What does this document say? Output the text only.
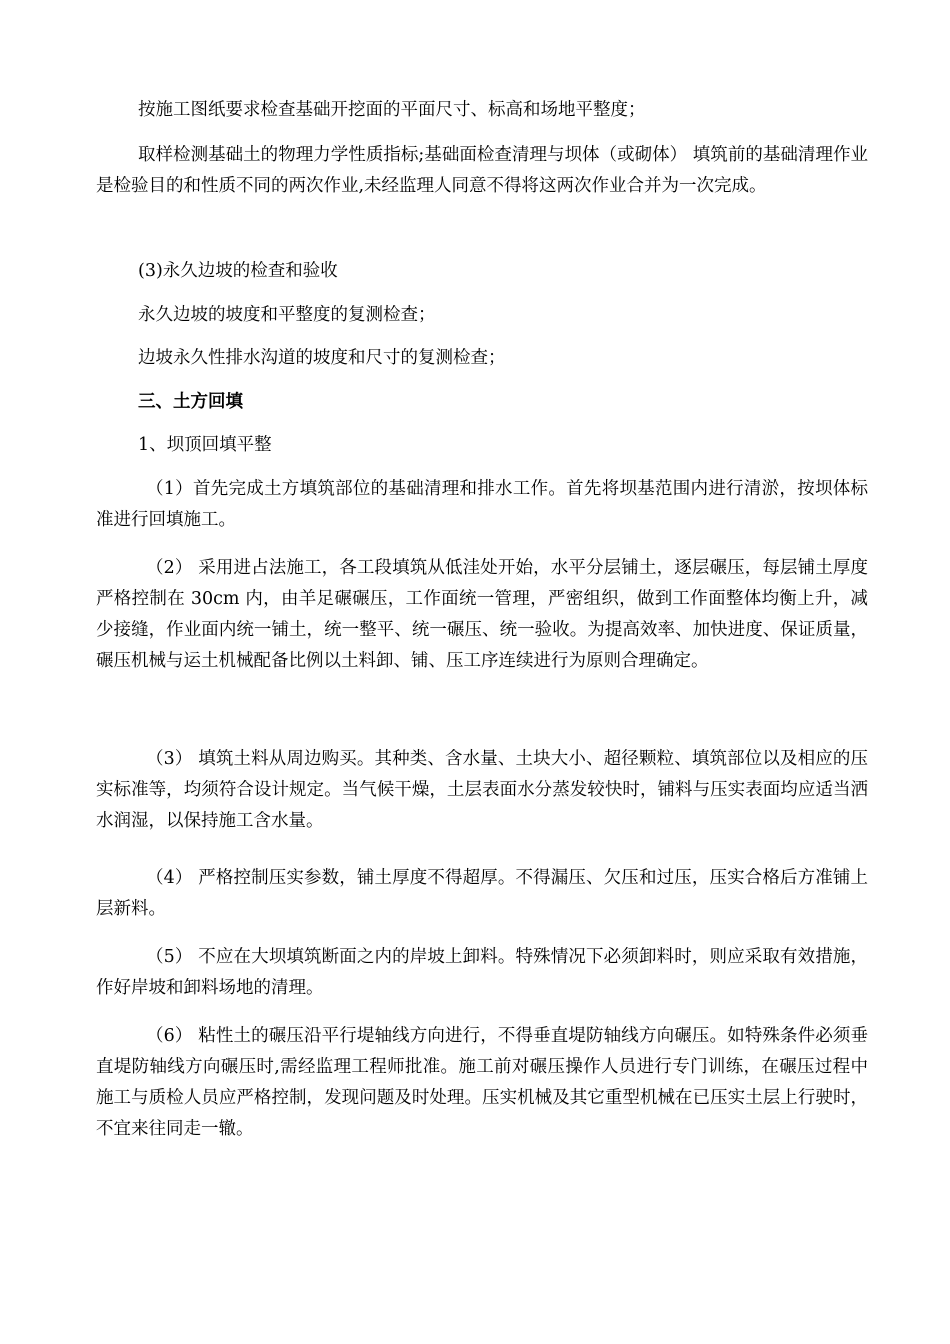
按施工图纸要求检查基础开挖面的平面尺寸、标高和场地平整度；

取样检测基础土的物理力学性质指标;基础面检查清理与坝体（或砌体） 填筑前的基础清理作业是检验目的和性质不同的两次作业,未经监理人同意不得将这两次作业合并为一次完成。

(3)永久边坡的检查和验收

永久边坡的坡度和平整度的复测检查；

边坡永久性排水沟道的坡度和尺寸的复测检查；

三、土方回填

1、坝顶回填平整

（1）首先完成土方填筑部位的基础清理和排水工作。首先将坝基范围内进行清淤，按坝体标准进行回填施工。

（2） 采用进占法施工，各工段填筑从低洼处开始，水平分层铺土，逐层碾压，每层铺土厚度严格控制在 30cm 内，由羊足碾碾压，工作面统一管理，严密组织，做到工作面整体均衡上升，减少接缝，作业面内统一铺土，统一整平、统一碾压、统一验收。为提高效率、加快进度、保证质量，碾压机械与运土机械配备比例以土料卸、铺、压工序连续进行为原则合理确定。

（3） 填筑土料从周边购买。其种类、含水量、土块大小、超径颗粒、填筑部位以及相应的压实标准等，均须符合设计规定。当气候干燥，土层表面水分蒸发较快时，铺料与压实表面均应适当洒水润湿，以保持施工含水量。

（4） 严格控制压实参数，铺土厚度不得超厚。不得漏压、欠压和过压，压实合格后方准铺上层新料。

（5） 不应在大坝填筑断面之内的岸坡上卸料。特殊情况下必须卸料时，则应采取有效措施，作好岸坡和卸料场地的清理。

（6） 粘性土的碾压沿平行堤轴线方向进行，不得垂直堤防轴线方向碾压。如特殊条件必须垂直堤防轴线方向碾压时,需经监理工程师批准。施工前对碾压操作人员进行专门训练，在碾压过程中施工与质检人员应严格控制，发现问题及时处理。压实机械及其它重型机械在已压实土层上行驶时，不宜来往同走一辙。
